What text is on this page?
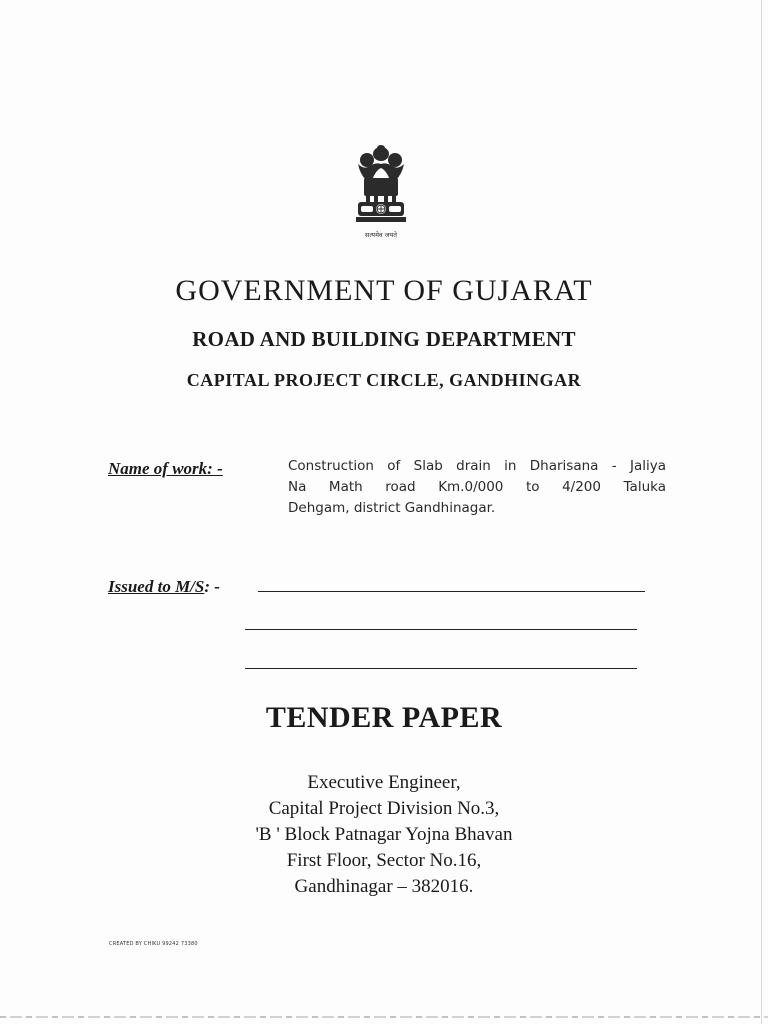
सत्यमेव जयते
GOVERNMENT OF GUJARAT
ROAD AND BUILDING DEPARTMENT
CAPITAL PROJECT CIRCLE, GANDHINGAR
Name of work: -	Construction of Slab drain in Dharisana - Jaliya
Na Math road Km.0/000 to 4/200 Taluka
Dehgam, district Gandhinagar.
Issued to M/S: -
TENDER PAPER
Executive Engineer,
Capital Project Division No.3,
'B ' Block Patnagar Yojna Bhavan
First Floor, Sector No.16,
Gandhinagar – 382016.
CREATED BY CHIKU 99242 73380
